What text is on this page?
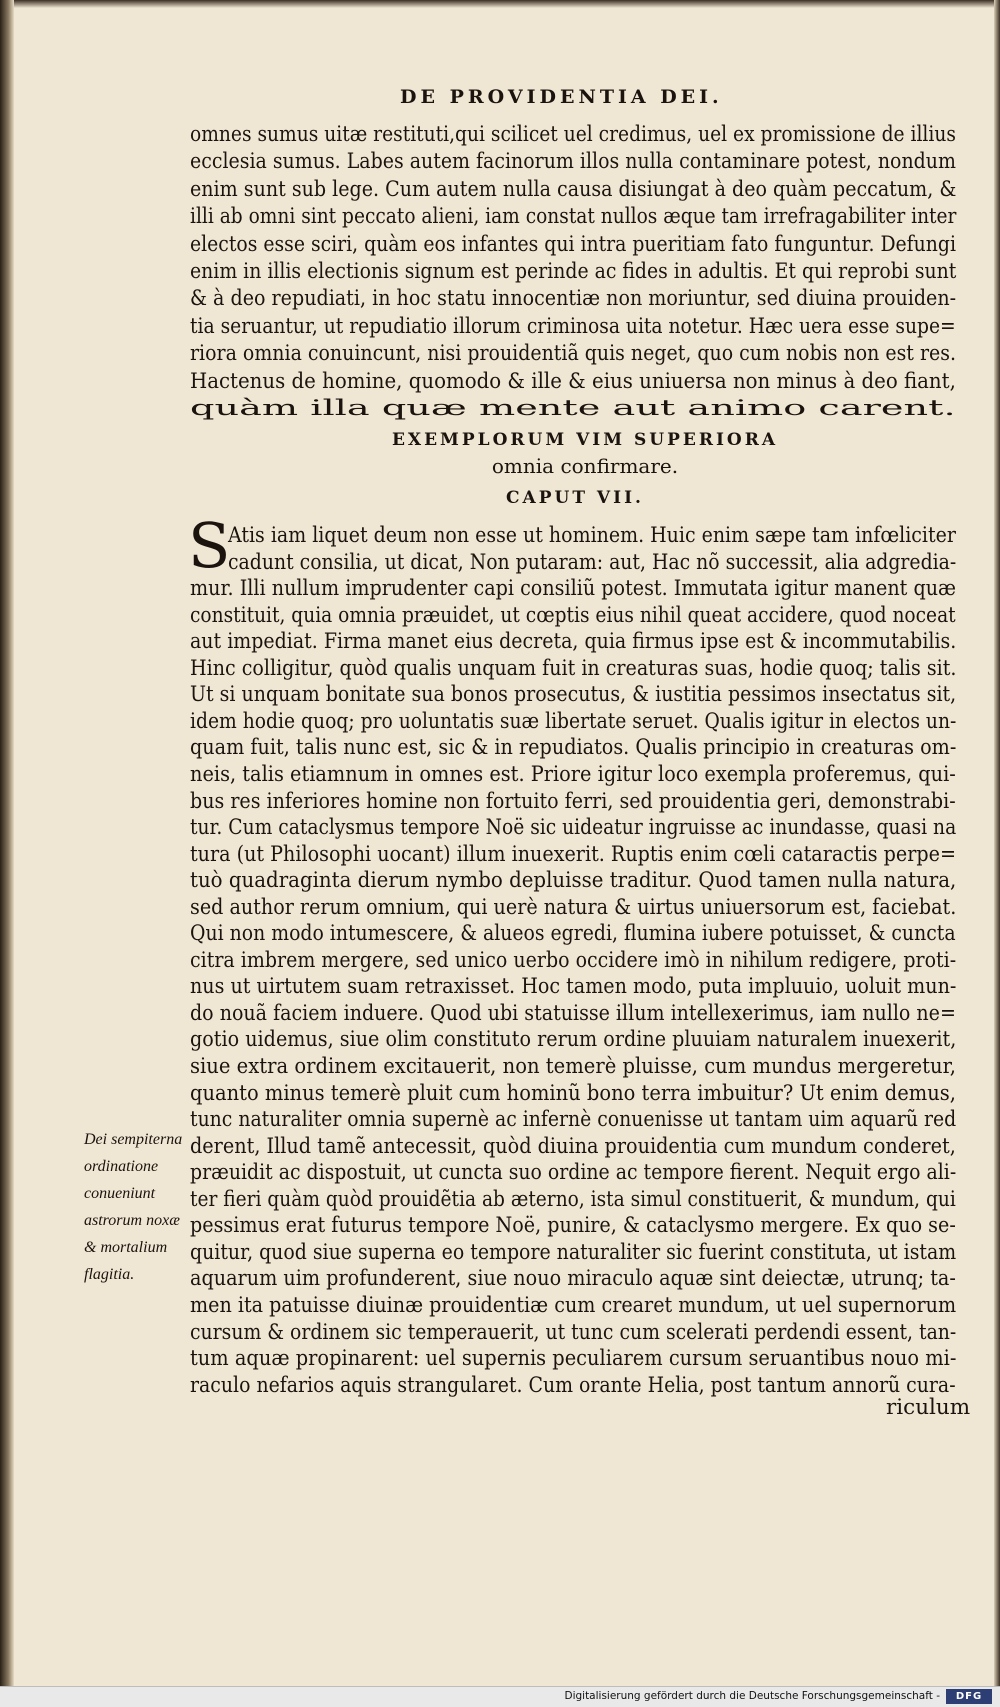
DE PROVIDENTIA DEI.
omnes sumus uitæ restituti,qui scilicet uel credimus, uel ex promissione de illius
ecclesia sumus. Labes autem facinorum illos nulla contaminare potest, nondum
enim sunt sub lege. Cum autem nulla causa disiungat à deo quàm peccatum, &
illi ab omni sint peccato alieni, iam constat nullos æque tam irrefragabiliter inter
electos esse sciri, quàm eos infantes qui intra pueritiam fato funguntur. Defungi
enim in illis electionis signum est perinde ac fides in adultis. Et qui reprobi sunt
& à deo repudiati, in hoc statu innocentiæ non moriuntur, sed diuina prouiden-
tia seruantur, ut repudiatio illorum criminosa uita notetur. Hæc uera esse supe=
riora omnia conuincunt, nisi prouidentiã quis neget, quo cum nobis non est res.
Hactenus de homine, quomodo & ille & eius uniuersa non minus à deo fiant,
quàm illa quæ mente aut animo carent.
EXEMPLORUM VIM SUPERIORA
omnia confirmare.
CAPUT VII.
S
Atis iam liquet deum non esse ut hominem. Huic enim sæpe tam infœliciter
cadunt consilia, ut dicat, Non putaram: aut, Hac nõ successit, alia adgredia-
mur. Illi nullum imprudenter capi consiliũ potest. Immutata igitur manent quæ
constituit, quia omnia præuidet, ut cœptis eius nihil queat accidere, quod noceat
aut impediat. Firma manet eius decreta, quia firmus ipse est & incommutabilis.
Hinc colligitur, quòd qualis unquam fuit in creaturas suas, hodie quoq; talis sit.
Ut si unquam bonitate sua bonos prosecutus, & iustitia pessimos insectatus sit,
idem hodie quoq; pro uoluntatis suæ libertate seruet. Qualis igitur in electos un-
quam fuit, talis nunc est, sic & in repudiatos. Qualis principio in creaturas om-
neis, talis etiamnum in omnes est. Priore igitur loco exempla proferemus, qui-
bus res inferiores homine non fortuito ferri, sed prouidentia geri, demonstrabi-
tur. Cum cataclysmus tempore Noë sic uideatur ingruisse ac inundasse, quasi na
tura (ut Philosophi uocant) illum inuexerit. Ruptis enim cœli cataractis perpe=
tuò quadraginta dierum nymbo depluisse traditur. Quod tamen nulla natura,
sed author rerum omnium, qui uerè natura & uirtus uniuersorum est, faciebat.
Qui non modo intumescere, & alueos egredi, flumina iubere potuisset, & cuncta
citra imbrem mergere, sed unico uerbo occidere imò in nihilum redigere, proti-
nus ut uirtutem suam retraxisset. Hoc tamen modo, puta impluuio, uoluit mun-
do nouã faciem induere. Quod ubi statuisse illum intellexerimus, iam nullo ne=
gotio uidemus, siue olim constituto rerum ordine pluuiam naturalem inuexerit,
siue extra ordinem excitauerit, non temerè pluisse, cum mundus mergeretur,
quanto minus temerè pluit cum hominũ bono terra imbuitur? Ut enim demus,
tunc naturaliter omnia supernè ac infernè conuenisse ut tantam uim aquarũ red
derent, Illud tamẽ antecessit, quòd diuina prouidentia cum mundum conderet,
præuidit ac dispostuit, ut cuncta suo ordine ac tempore fierent. Nequit ergo ali-
ter fieri quàm quòd prouidẽtia ab æterno, ista simul constituerit, & mundum, qui
pessimus erat futurus tempore Noë, punire, & cataclysmo mergere. Ex quo se-
quitur, quod siue superna eo tempore naturaliter sic fuerint constituta, ut istam
aquarum uim profunderent, siue nouo miraculo aquæ sint deiectæ, utrunq; ta-
men ita patuisse diuinæ prouidentiæ cum crearet mundum, ut uel supernorum
cursum & ordinem sic temperauerit, ut tunc cum scelerati perdendi essent, tan-
tum aquæ propinarent: uel supernis peculiarem cursum seruantibus nouo mi-
raculo nefarios aquis strangularet. Cum orante Helia, post tantum annorũ cura-
Dei sempiterna
ordinatione
conueniunt
astrorum noxæ
& mortalium
flagitia.
riculum
Digitalisierung gefördert durch die Deutsche Forschungsgemeinschaft -	DFG
